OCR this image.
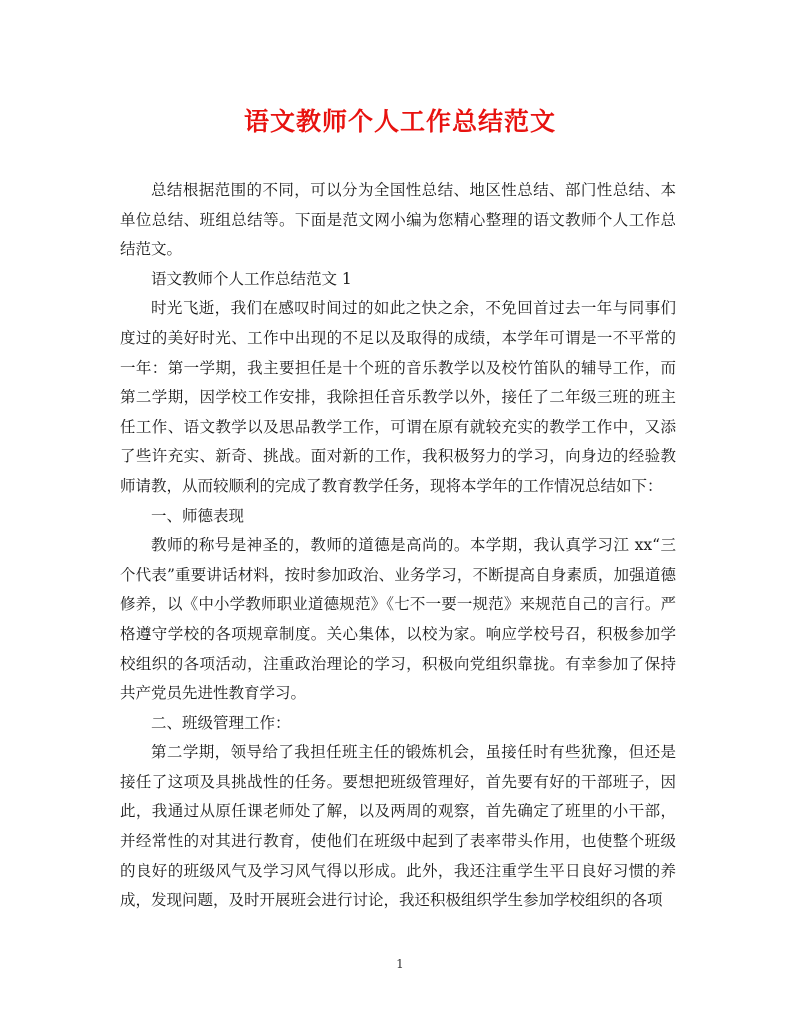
语文教师个人工作总结范文

总结根据范围的不同，可以分为全国性总结、地区性总结、部门性总结、本单位总结、班组总结等。下面是范文网小编为您精心整理的语文教师个人工作总结范文。

语文教师个人工作总结范文 1

时光飞逝，我们在感叹时间过的如此之快之余，不免回首过去一年与同事们度过的美好时光、工作中出现的不足以及取得的成绩，本学年可谓是一不平常的一年：第一学期，我主要担任是十个班的音乐教学以及校竹笛队的辅导工作，而第二学期，因学校工作安排，我除担任音乐教学以外，接任了二年级三班的班主任工作、语文教学以及思品教学工作，可谓在原有就较充实的教学工作中，又添了些许充实、新奇、挑战。面对新的工作，我积极努力的学习，向身边的经验教师请教，从而较顺利的完成了教育教学任务，现将本学年的工作情况总结如下：

一、师德表现

教师的称号是神圣的，教师的道德是高尚的。本学期，我认真学习江 xx“三个代表”重要讲话材料，按时参加政治、业务学习，不断提高自身素质，加强道德修养，以《中小学教师职业道德规范》《七不一要一规范》来规范自己的言行。严格遵守学校的各项规章制度。关心集体，以校为家。响应学校号召，积极参加学校组织的各项活动，注重政治理论的学习，积极向党组织靠拢。有幸参加了保持共产党员先进性教育学习。

二、班级管理工作：

第二学期，领导给了我担任班主任的锻炼机会，虽接任时有些犹豫，但还是接任了这项及具挑战性的任务。要想把班级管理好，首先要有好的干部班子，因此，我通过从原任课老师处了解，以及两周的观察，首先确定了班里的小干部，并经常性的对其进行教育，使他们在班级中起到了表率带头作用，也使整个班级的良好的班级风气及学习风气得以形成。此外，我还注重学生平日良好习惯的养成，发现问题，及时开展班会进行讨论，我还积极组织学生参加学校组织的各项

1
